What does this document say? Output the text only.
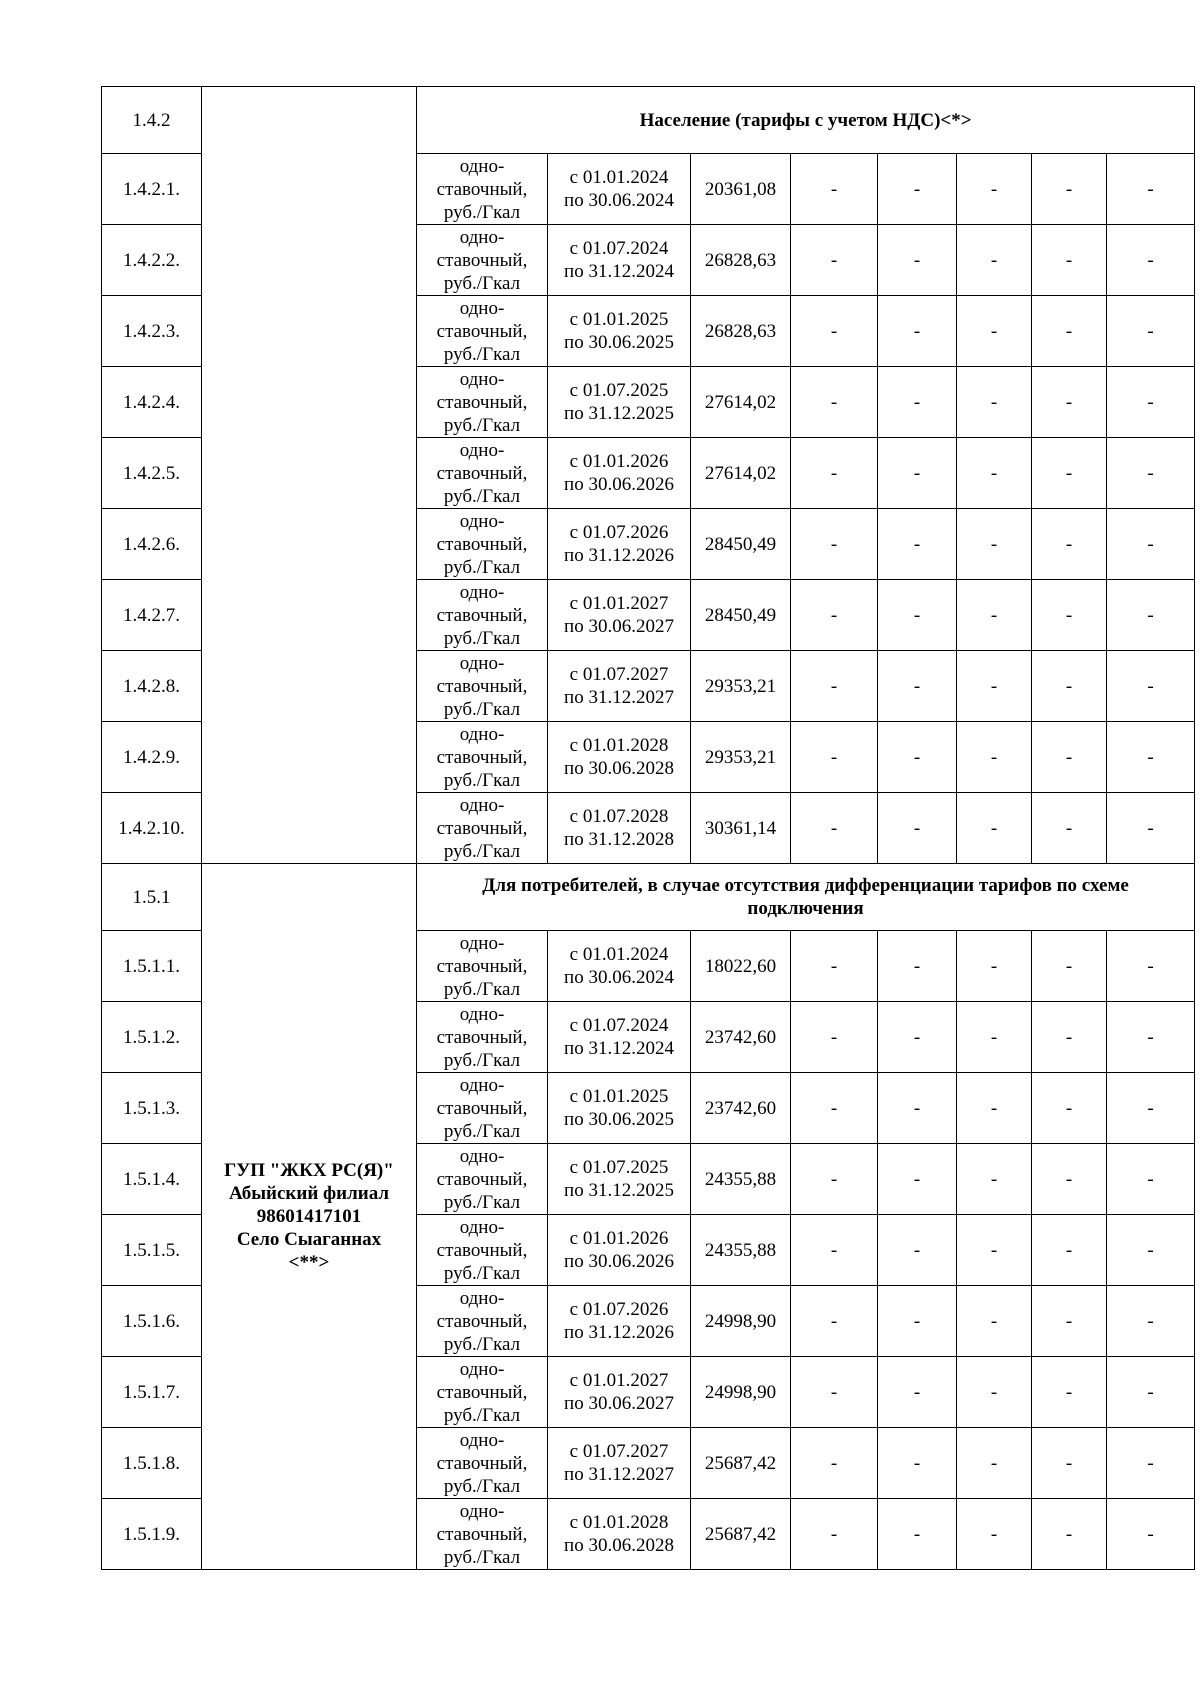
1.4.2		Население (тарифы с учетом НДС)<*>							
1.4.2.1.		одно-
ставочный,
руб./Гкал	с 01.01.2024
по 30.06.2024	20361,08	-	-	-	-	-
1.4.2.2.		одно-
ставочный,
руб./Гкал	с 01.07.2024
по 31.12.2024	26828,63	-	-	-	-	-
1.4.2.3.		одно-
ставочный,
руб./Гкал	с 01.01.2025
по 30.06.2025	26828,63	-	-	-	-	-
1.4.2.4.		одно-
ставочный,
руб./Гкал	с 01.07.2025
по 31.12.2025	27614,02	-	-	-	-	-
1.4.2.5.		одно-
ставочный,
руб./Гкал	с 01.01.2026
по 30.06.2026	27614,02	-	-	-	-	-
1.4.2.6.		одно-
ставочный,
руб./Гкал	с 01.07.2026
по 31.12.2026	28450,49	-	-	-	-	-
1.4.2.7.		одно-
ставочный,
руб./Гкал	с 01.01.2027
по 30.06.2027	28450,49	-	-	-	-	-
1.4.2.8.		одно-
ставочный,
руб./Гкал	с 01.07.2027
по 31.12.2027	29353,21	-	-	-	-	-
1.4.2.9.		одно-
ставочный,
руб./Гкал	с 01.01.2028
по 30.06.2028	29353,21	-	-	-	-	-
1.4.2.10.		одно-
ставочный,
руб./Гкал	с 01.07.2028
по 31.12.2028	30361,14	-	-	-	-	-
1.5.1	ГУП "ЖКХ РС(Я)"
Абыйский филиал
98601417101
Село Сыаганнах
<**>	Для потребителей, в случае отсутствия дифференциации тарифов по схеме подключения							
1.5.1.1.		одно-
ставочный,
руб./Гкал	с 01.01.2024
по 30.06.2024	18022,60	-	-	-	-	-
1.5.1.2.		одно-
ставочный,
руб./Гкал	с 01.07.2024
по 31.12.2024	23742,60	-	-	-	-	-
1.5.1.3.		одно-
ставочный,
руб./Гкал	с 01.01.2025
по 30.06.2025	23742,60	-	-	-	-	-
1.5.1.4.		одно-
ставочный,
руб./Гкал	с 01.07.2025
по 31.12.2025	24355,88	-	-	-	-	-
1.5.1.5.		одно-
ставочный,
руб./Гкал	с 01.01.2026
по 30.06.2026	24355,88	-	-	-	-	-
1.5.1.6.		одно-
ставочный,
руб./Гкал	с 01.07.2026
по 31.12.2026	24998,90	-	-	-	-	-
1.5.1.7.		одно-
ставочный,
руб./Гкал	с 01.01.2027
по 30.06.2027	24998,90	-	-	-	-	-
1.5.1.8.		одно-
ставочный,
руб./Гкал	с 01.07.2027
по 31.12.2027	25687,42	-	-	-	-	-
1.5.1.9.		одно-
ставочный,
руб./Гкал	с 01.01.2028
по 30.06.2028	25687,42	-	-	-	-	-
